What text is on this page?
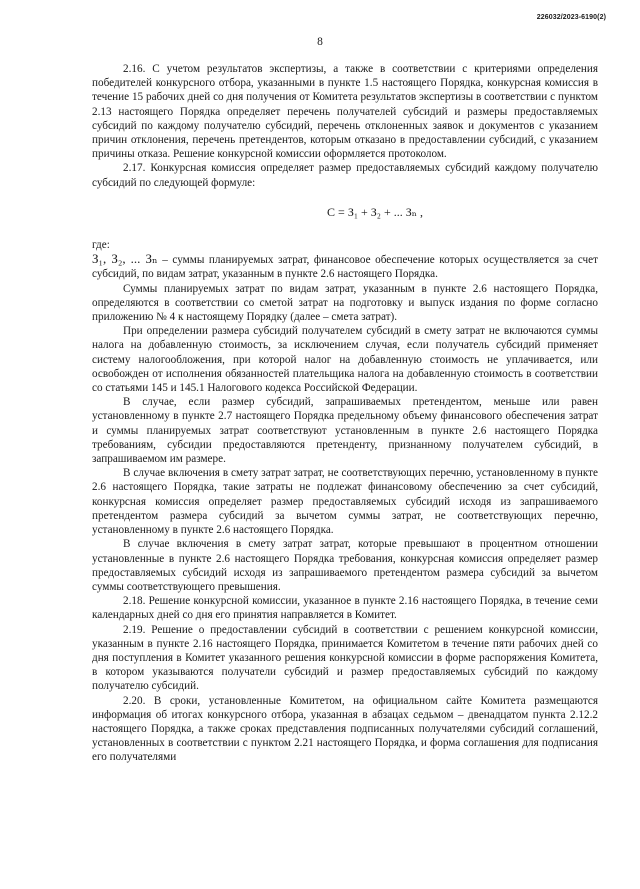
226032/2023-6190(2)
8

2.16. С учетом результатов экспертизы, а также в соответствии с критериями определения победителей конкурсного отбора, указанными в пункте 1.5 настоящего Порядка, конкурсная комиссия в течение 15 рабочих дней со дня получения от Комитета результатов экспертизы в соответствии с пунктом 2.13 настоящего Порядка определяет перечень получателей субсидий и размеры предоставляемых субсидий по каждому получателю субсидий, перечень отклоненных заявок и документов с указанием причин отклонения, перечень претендентов, которым отказано в предоставлении субсидий, с указанием причины отказа. Решение конкурсной комиссии оформляется протоколом.

2.17. Конкурсная комиссия определяет размер предоставляемых субсидий каждому получателю субсидий по следующей формуле:

С = З₁ + З₂ + ... Зₙ ,

где:

З₁, З₂, ... Зₙ – суммы планируемых затрат, финансовое обеспечение которых осуществляется за счет субсидий, по видам затрат, указанным в пункте 2.6 настоящего Порядка.

Суммы планируемых затрат по видам затрат, указанным в пункте 2.6 настоящего Порядка, определяются в соответствии со сметой затрат на подготовку и выпуск издания по форме согласно приложению № 4 к настоящему Порядку (далее – смета затрат).

При определении размера субсидий получателем субсидий в смету затрат не включаются суммы налога на добавленную стоимость, за исключением случая, если получатель субсидий применяет систему налогообложения, при которой налог на добавленную стоимость не уплачивается, или освобожден от исполнения обязанностей плательщика налога на добавленную стоимость в соответствии со статьями 145 и 145.1 Налогового кодекса Российской Федерации.

В случае, если размер субсидий, запрашиваемых претендентом, меньше или равен установленному в пункте 2.7 настоящего Порядка предельному объему финансового обеспечения затрат и суммы планируемых затрат соответствуют установленным в пункте 2.6 настоящего Порядка требованиям, субсидии предоставляются претенденту, признанному получателем субсидий, в запрашиваемом им размере.

В случае включения в смету затрат затрат, не соответствующих перечню, установленному в пункте 2.6 настоящего Порядка, такие затраты не подлежат финансовому обеспечению за счет субсидий, конкурсная комиссия определяет размер предоставляемых субсидий исходя из запрашиваемого претендентом размера субсидий за вычетом суммы затрат, не соответствующих перечню, установленному в пункте 2.6 настоящего Порядка.

В случае включения в смету затрат затрат, которые превышают в процентном отношении установленные в пункте 2.6 настоящего Порядка требования, конкурсная комиссия определяет размер предоставляемых субсидий исходя из запрашиваемого претендентом размера субсидий за вычетом суммы соответствующего превышения.

2.18. Решение конкурсной комиссии, указанное в пункте 2.16 настоящего Порядка, в течение семи календарных дней со дня его принятия направляется в Комитет.

2.19. Решение о предоставлении субсидий в соответствии с решением конкурсной комиссии, указанным в пункте 2.16 настоящего Порядка, принимается Комитетом в течение пяти рабочих дней со дня поступления в Комитет указанного решения конкурсной комиссии в форме распоряжения Комитета, в котором указываются получатели субсидий и размер предоставляемых субсидий по каждому получателю субсидий.

2.20. В сроки, установленные Комитетом, на официальном сайте Комитета размещаются информация об итогах конкурсного отбора, указанная в абзацах седьмом – двенадцатом пункта 2.12.2 настоящего Порядка, а также сроках представления подписанных получателями субсидий соглашений, установленных в соответствии с пунктом 2.21 настоящего Порядка, и форма соглашения для подписания его получателями
